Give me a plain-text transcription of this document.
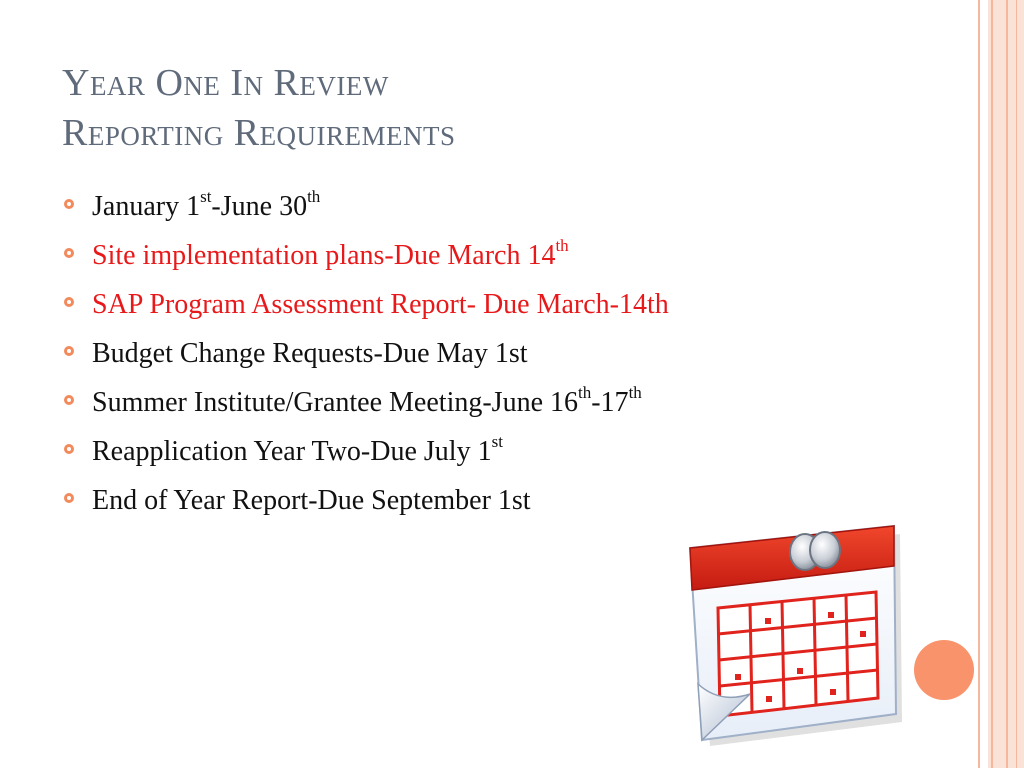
Year One In Review
Reporting Requirements
January 1st-June 30th
Site implementation plans-Due March 14th
SAP Program Assessment Report- Due March-14th
Budget Change Requests-Due May 1st
Summer Institute/Grantee Meeting-June 16th-17th
Reapplication Year Two-Due July 1st
End of Year Report-Due September 1st
